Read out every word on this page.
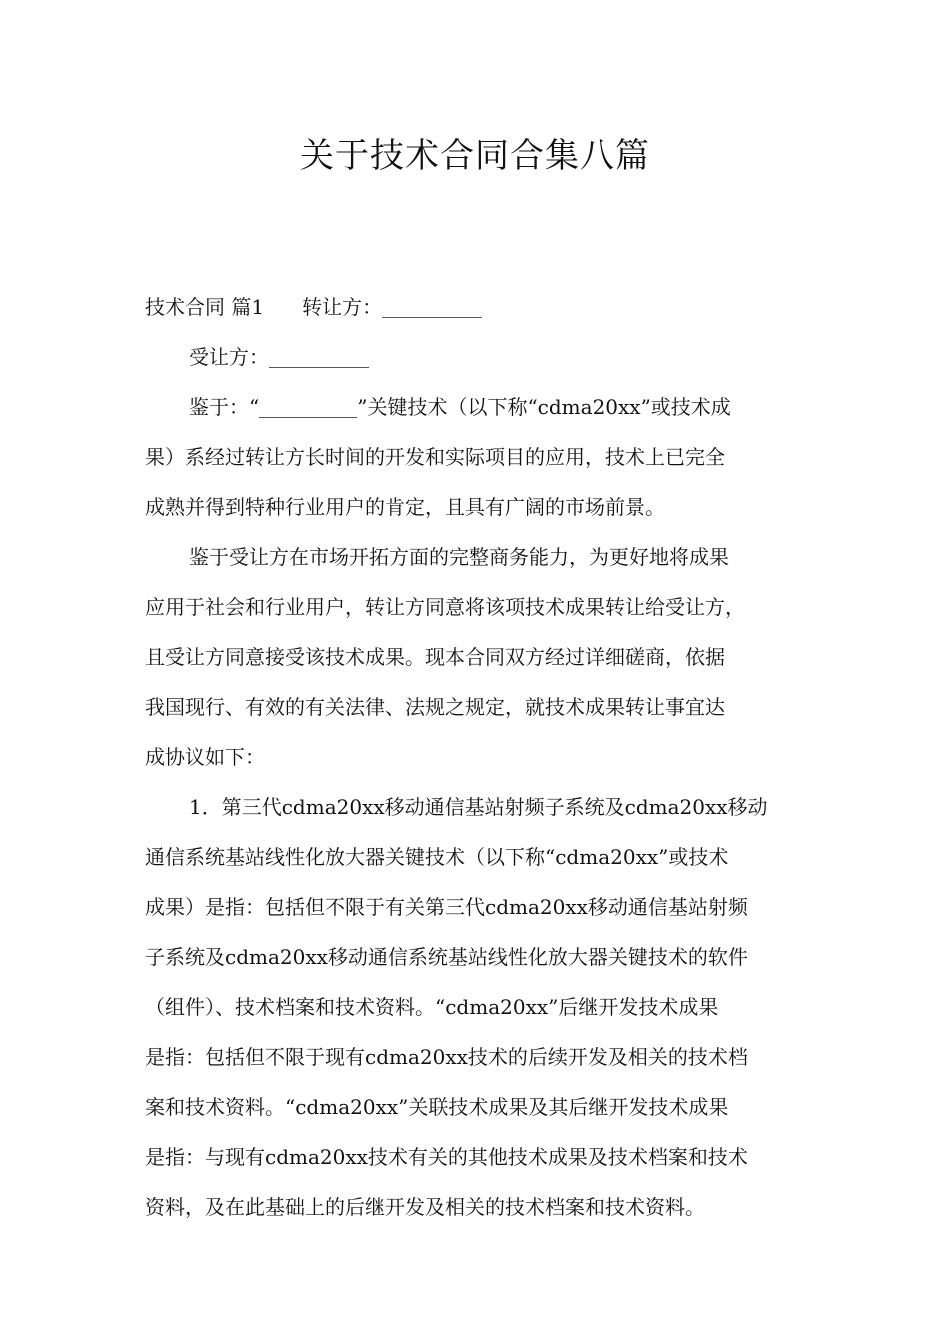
关于技术合同合集八篇
技术合同 篇1 转让方：
受让方：
鉴于：“	”关键技术（以下称“cdma20xx”或技术成
果）系经过转让方长时间的开发和实际项目的应用，技术上已完全
成熟并得到特种行业用户的肯定，且具有广阔的市场前景。
鉴于受让方在市场开拓方面的完整商务能力，为更好地将成果
应用于社会和行业用户，转让方同意将该项技术成果转让给受让方，
且受让方同意接受该技术成果。现本合同双方经过详细磋商，依据
我国现行、有效的有关法律、法规之规定，就技术成果转让事宜达
成协议如下：
1．第三代cdma20xx移动通信基站射频子系统及cdma20xx移动
通信系统基站线性化放大器关键技术（以下称“cdma20xx”或技术
成果）是指：包括但不限于有关第三代cdma20xx移动通信基站射频
子系统及cdma20xx移动通信系统基站线性化放大器关键技术的软件
（组件）、技术档案和技术资料。“cdma20xx”后继开发技术成果
是指：包括但不限于现有cdma20xx技术的后续开发及相关的技术档
案和技术资料。“cdma20xx”关联技术成果及其后继开发技术成果
是指：与现有cdma20xx技术有关的其他技术成果及技术档案和技术
资料，及在此基础上的后继开发及相关的技术档案和技术资料。
